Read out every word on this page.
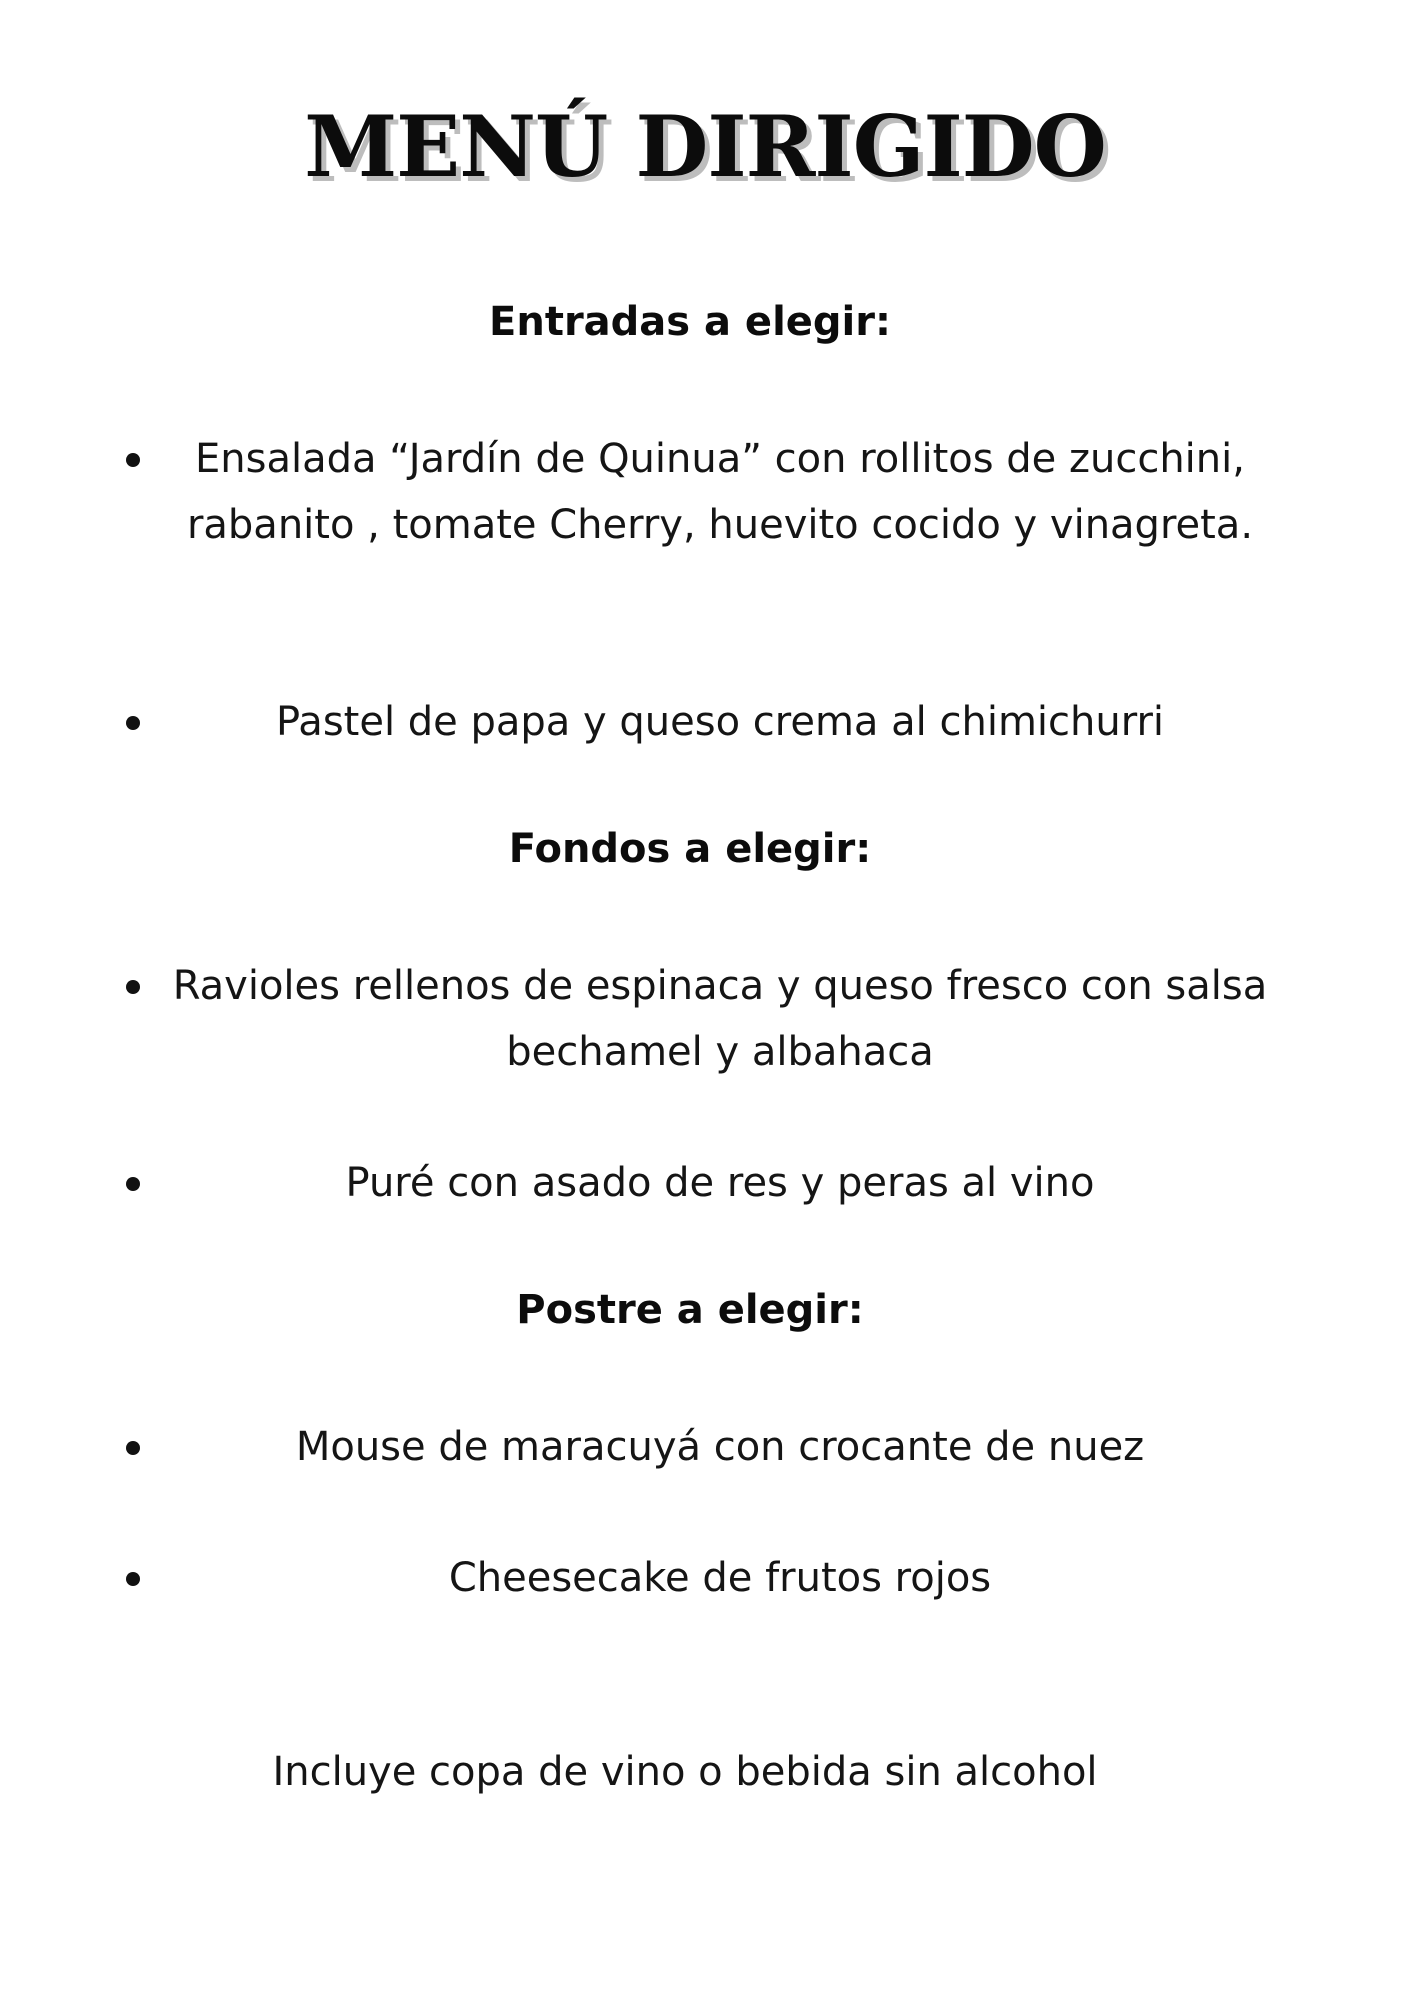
MENÚ DIRIGIDO
Entradas a elegir:
Ensalada “Jardín de Quinua” con rollitos de zucchini, rabanito , tomate Cherry, huevito cocido y vinagreta.
Pastel de papa y queso crema al chimichurri
Fondos a elegir:
Ravioles rellenos de espinaca y queso fresco con salsa bechamel y albahaca
Puré con asado de res y peras al vino
Postre a elegir:
Mouse de maracuyá con crocante de nuez
Cheesecake de frutos rojos
Incluye copa de vino o bebida sin alcohol
